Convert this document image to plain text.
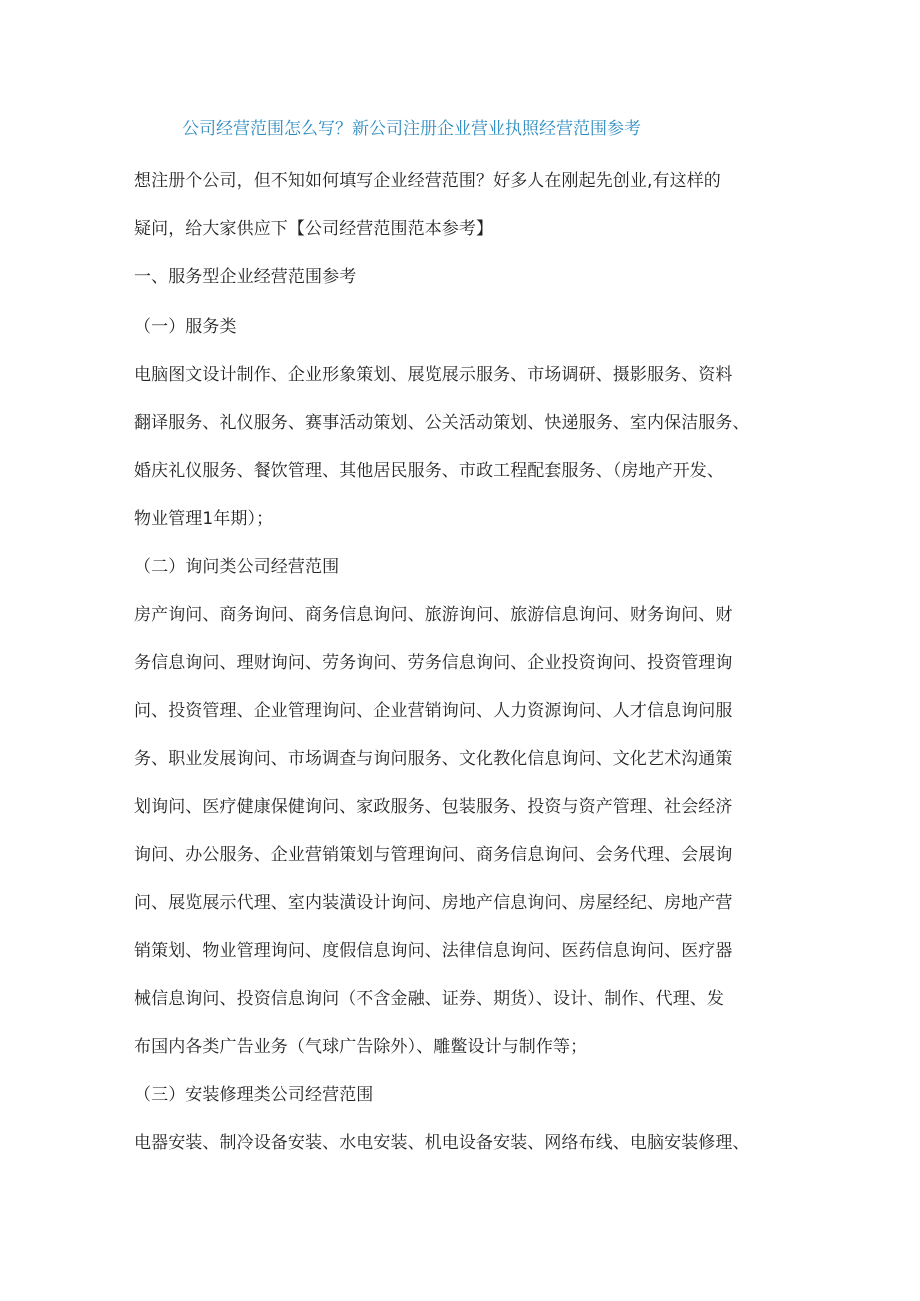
公司经营范围怎么写？新公司注册企业营业执照经营范围参考
想注册个公司，但不知如何填写企业经营范围？好多人在刚起先创业,有这样的
疑问，给大家供应下【公司经营范围范本参考】
一、服务型企业经营范围参考
（一）服务类
电脑图文设计制作、企业形象策划、展览展示服务、市场调研、摄影服务、资料
翻译服务、礼仪服务、赛事活动策划、公关活动策划、快递服务、室内保洁服务、
婚庆礼仪服务、餐饮管理、其他居民服务、市政工程配套服务、（房地产开发、
物业管理1年期）；
（二）询问类公司经营范围
房产询问、商务询问、商务信息询问、旅游询问、旅游信息询问、财务询问、财
务信息询问、理财询问、劳务询问、劳务信息询问、企业投资询问、投资管理询
问、投资管理、企业管理询问、企业营销询问、人力资源询问、人才信息询问服
务、职业发展询问、市场调查与询问服务、文化教化信息询问、文化艺术沟通策
划询问、医疗健康保健询问、家政服务、包装服务、投资与资产管理、社会经济
询问、办公服务、企业营销策划与管理询问、商务信息询问、会务代理、会展询
问、展览展示代理、室内装潢设计询问、房地产信息询问、房屋经纪、房地产营
销策划、物业管理询问、度假信息询问、法律信息询问、医药信息询问、医疗器
械信息询问、投资信息询问（不含金融、证券、期货）、设计、制作、代理、发
布国内各类广告业务（气球广告除外）、雕鳖设计与制作等；
（三）安装修理类公司经营范围
电器安装、制冷设备安装、水电安装、机电设备安装、网络布线、电脑安装修理、
